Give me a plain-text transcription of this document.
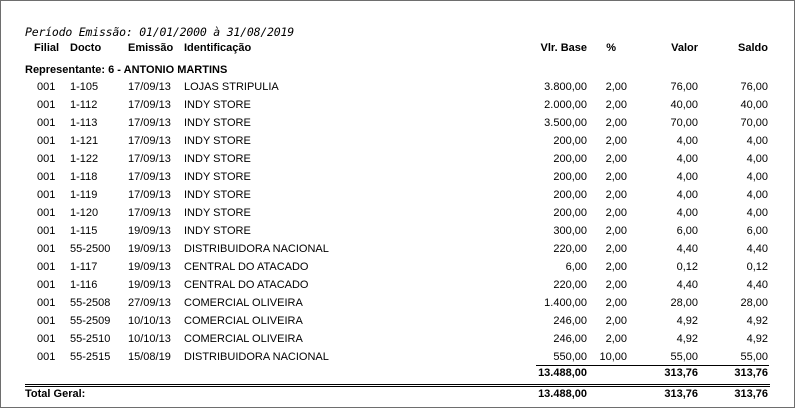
Período Emissão: 01/01/2000 à 31/08/2019
Filial Docto Emissão Identificação	Vlr. Base %	Valor	Saldo
Representante: 6 - ANTONIO MARTINS
001 1-105	17/09/13 LOJAS STRIPULIA	3.800,00 2,00	76,00	76,00
001 1-112	17/09/13 INDY STORE	2.000,00 2,00	40,00	40,00
001 1-113	17/09/13 INDY STORE	3.500,00 2,00	70,00	70,00
001 1-121	17/09/13 INDY STORE	200,00 2,00	4,00	4,00
001 1-122	17/09/13 INDY STORE	200,00 2,00	4,00	4,00
001 1-118	17/09/13 INDY STORE	200,00 2,00	4,00	4,00
001 1-119	17/09/13 INDY STORE	200,00 2,00	4,00	4,00
001 1-120	17/09/13 INDY STORE	200,00 2,00	4,00	4,00
001 1-115	19/09/13 INDY STORE	300,00 2,00	6,00	6,00
001 55-2500 19/09/13 DISTRIBUIDORA NACIONAL	220,00 2,00	4,40	4,40
001 1-117	19/09/13 CENTRAL DO ATACADO	6,00 2,00	0,12	0,12
001 1-116	19/09/13 CENTRAL DO ATACADO	220,00 2,00	4,40	4,40
001 55-2508 27/09/13 COMERCIAL OLIVEIRA	1.400,00 2,00	28,00	28,00
001 55-2509 10/10/13 COMERCIAL OLIVEIRA	246,00 2,00	4,92	4,92
001 55-2510 10/10/13 COMERCIAL OLIVEIRA	246,00 2,00	4,92	4,92
001 55-2515 15/08/19 DISTRIBUIDORA NACIONAL	550,00 10,00	55,00	55,00
13.488,00	313,76	313,76
Total Geral:	13.488,00	313,76	313,76
